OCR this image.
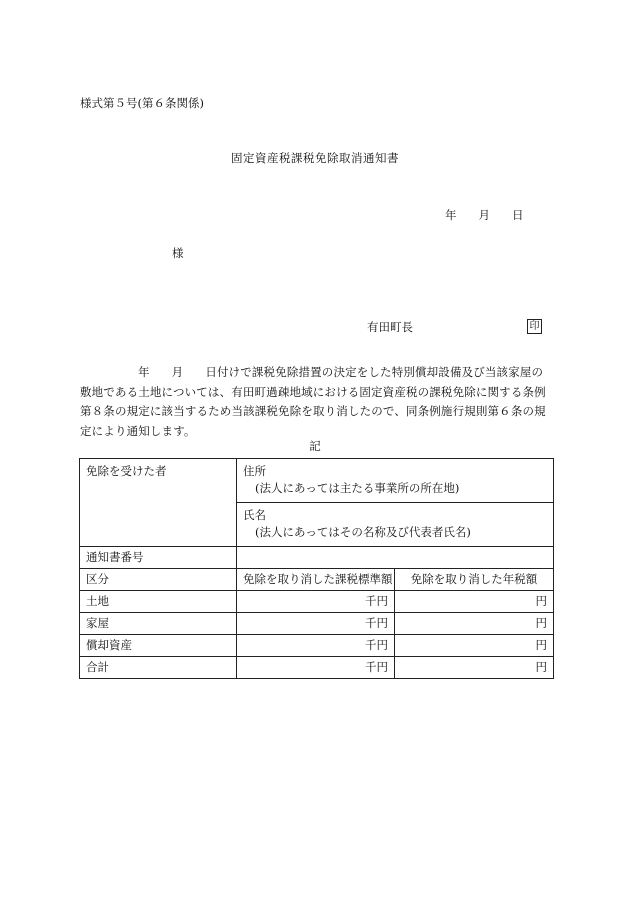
様式第５号(第６条関係)
固定資産税課税免除取消通知書
年 月 日
様
有田町長	印
年 月 日付けで課税免除措置の決定をした特別償却設備及び当該家屋の
敷地である土地については、有田町過疎地域における固定資産税の課税免除に関する条例
第８条の規定に該当するため当該課税免除を取り消したので、同条例施行規則第６条の規
定により通知します。
記
免除を受けた者	住所
(法人にあっては主たる事業所の所在地)	

	氏名
(法人にあってはその名称及び代表者氏名)	

通知書番号		
区分	免除を取り消した課税標準額	免除を取り消した年税額
土地	千円	円
家屋	千円	円
償却資産	千円	円
合計	千円	円
